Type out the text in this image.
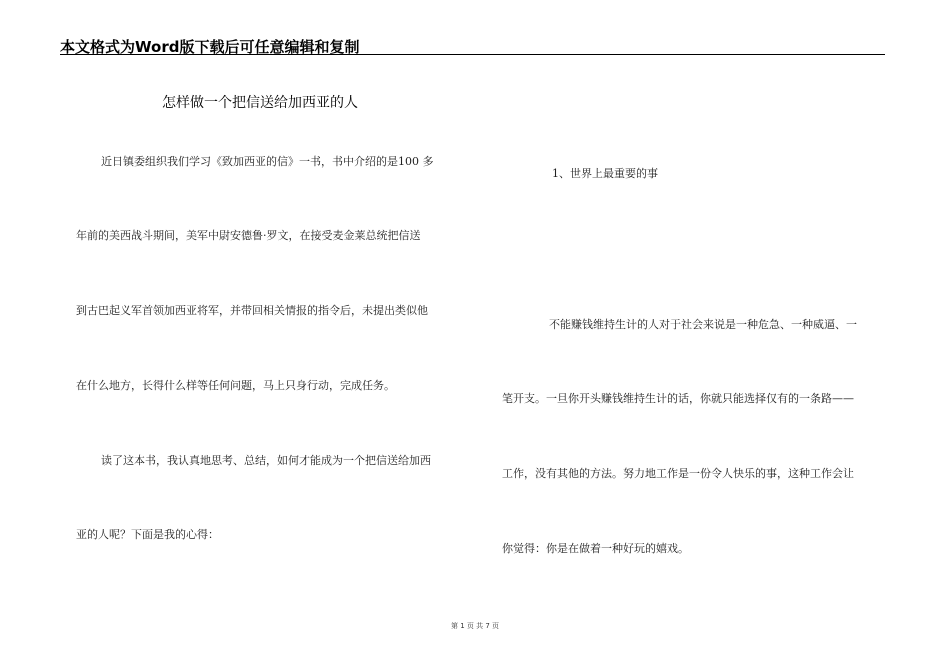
本文格式为Word版下载后可任意编辑和复制
怎样做一个把信送给加西亚的人
近日镇委组织我们学习《致加西亚的信》一书，书中介绍的是100 多
年前的美西战斗期间，美军中尉安德鲁·罗文，在接受麦金莱总统把信送
到古巴起义军首领加西亚将军，并带回相关情报的指令后，未提出类似他
在什么地方，长得什么样等任何问题，马上只身行动，完成任务。
读了这本书，我认真地思考、总结，如何才能成为一个把信送给加西
亚的人呢？下面是我的心得：
1、世界上最重要的事
不能赚钱维持生计的人对于社会来说是一种危急、一种威逼、一
笔开支。一旦你开头赚钱维持生计的话，你就只能选择仅有的一条路——
工作，没有其他的方法。努力地工作是一份令人快乐的事，这种工作会让
你觉得：你是在做着一种好玩的嬉戏。
第 1 页 共 7 页
